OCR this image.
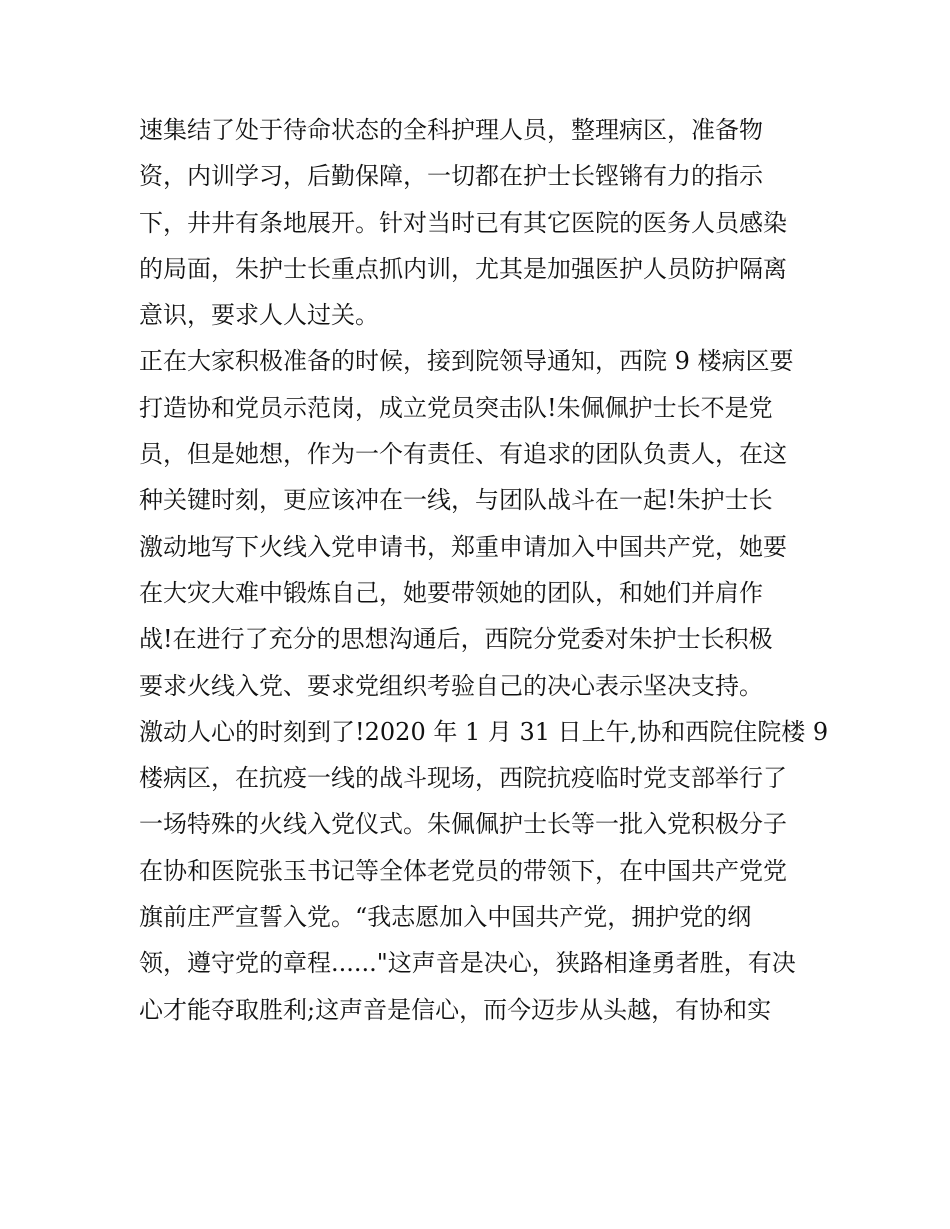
速集结了处于待命状态的全科护理人员，整理病区，准备物
资，内训学习，后勤保障，一切都在护士长铿锵有力的指示
下，井井有条地展开。针对当时已有其它医院的医务人员感染
的局面，朱护士长重点抓内训，尤其是加强医护人员防护隔离
意识，要求人人过关。
正在大家积极准备的时候，接到院领导通知，西院 9 楼病区要
打造协和党员示范岗，成立党员突击队!朱佩佩护士长不是党
员，但是她想，作为一个有责任、有追求的团队负责人，在这
种关键时刻，更应该冲在一线，与团队战斗在一起!朱护士长
激动地写下火线入党申请书，郑重申请加入中国共产党，她要
在大灾大难中锻炼自己，她要带领她的团队，和她们并肩作
战!在进行了充分的思想沟通后，西院分党委对朱护士长积极
要求火线入党、要求党组织考验自己的决心表示坚决支持。
激动人心的时刻到了!2020 年 1 月 31 日上午,协和西院住院楼 9
楼病区，在抗疫一线的战斗现场，西院抗疫临时党支部举行了
一场特殊的火线入党仪式。朱佩佩护士长等一批入党积极分子
在协和医院张玉书记等全体老党员的带领下，在中国共产党党
旗前庄严宣誓入党。“我志愿加入中国共产党，拥护党的纲
领，遵守党的章程......"这声音是决心，狭路相逢勇者胜，有决
心才能夺取胜利;这声音是信心，而今迈步从头越，有协和实
